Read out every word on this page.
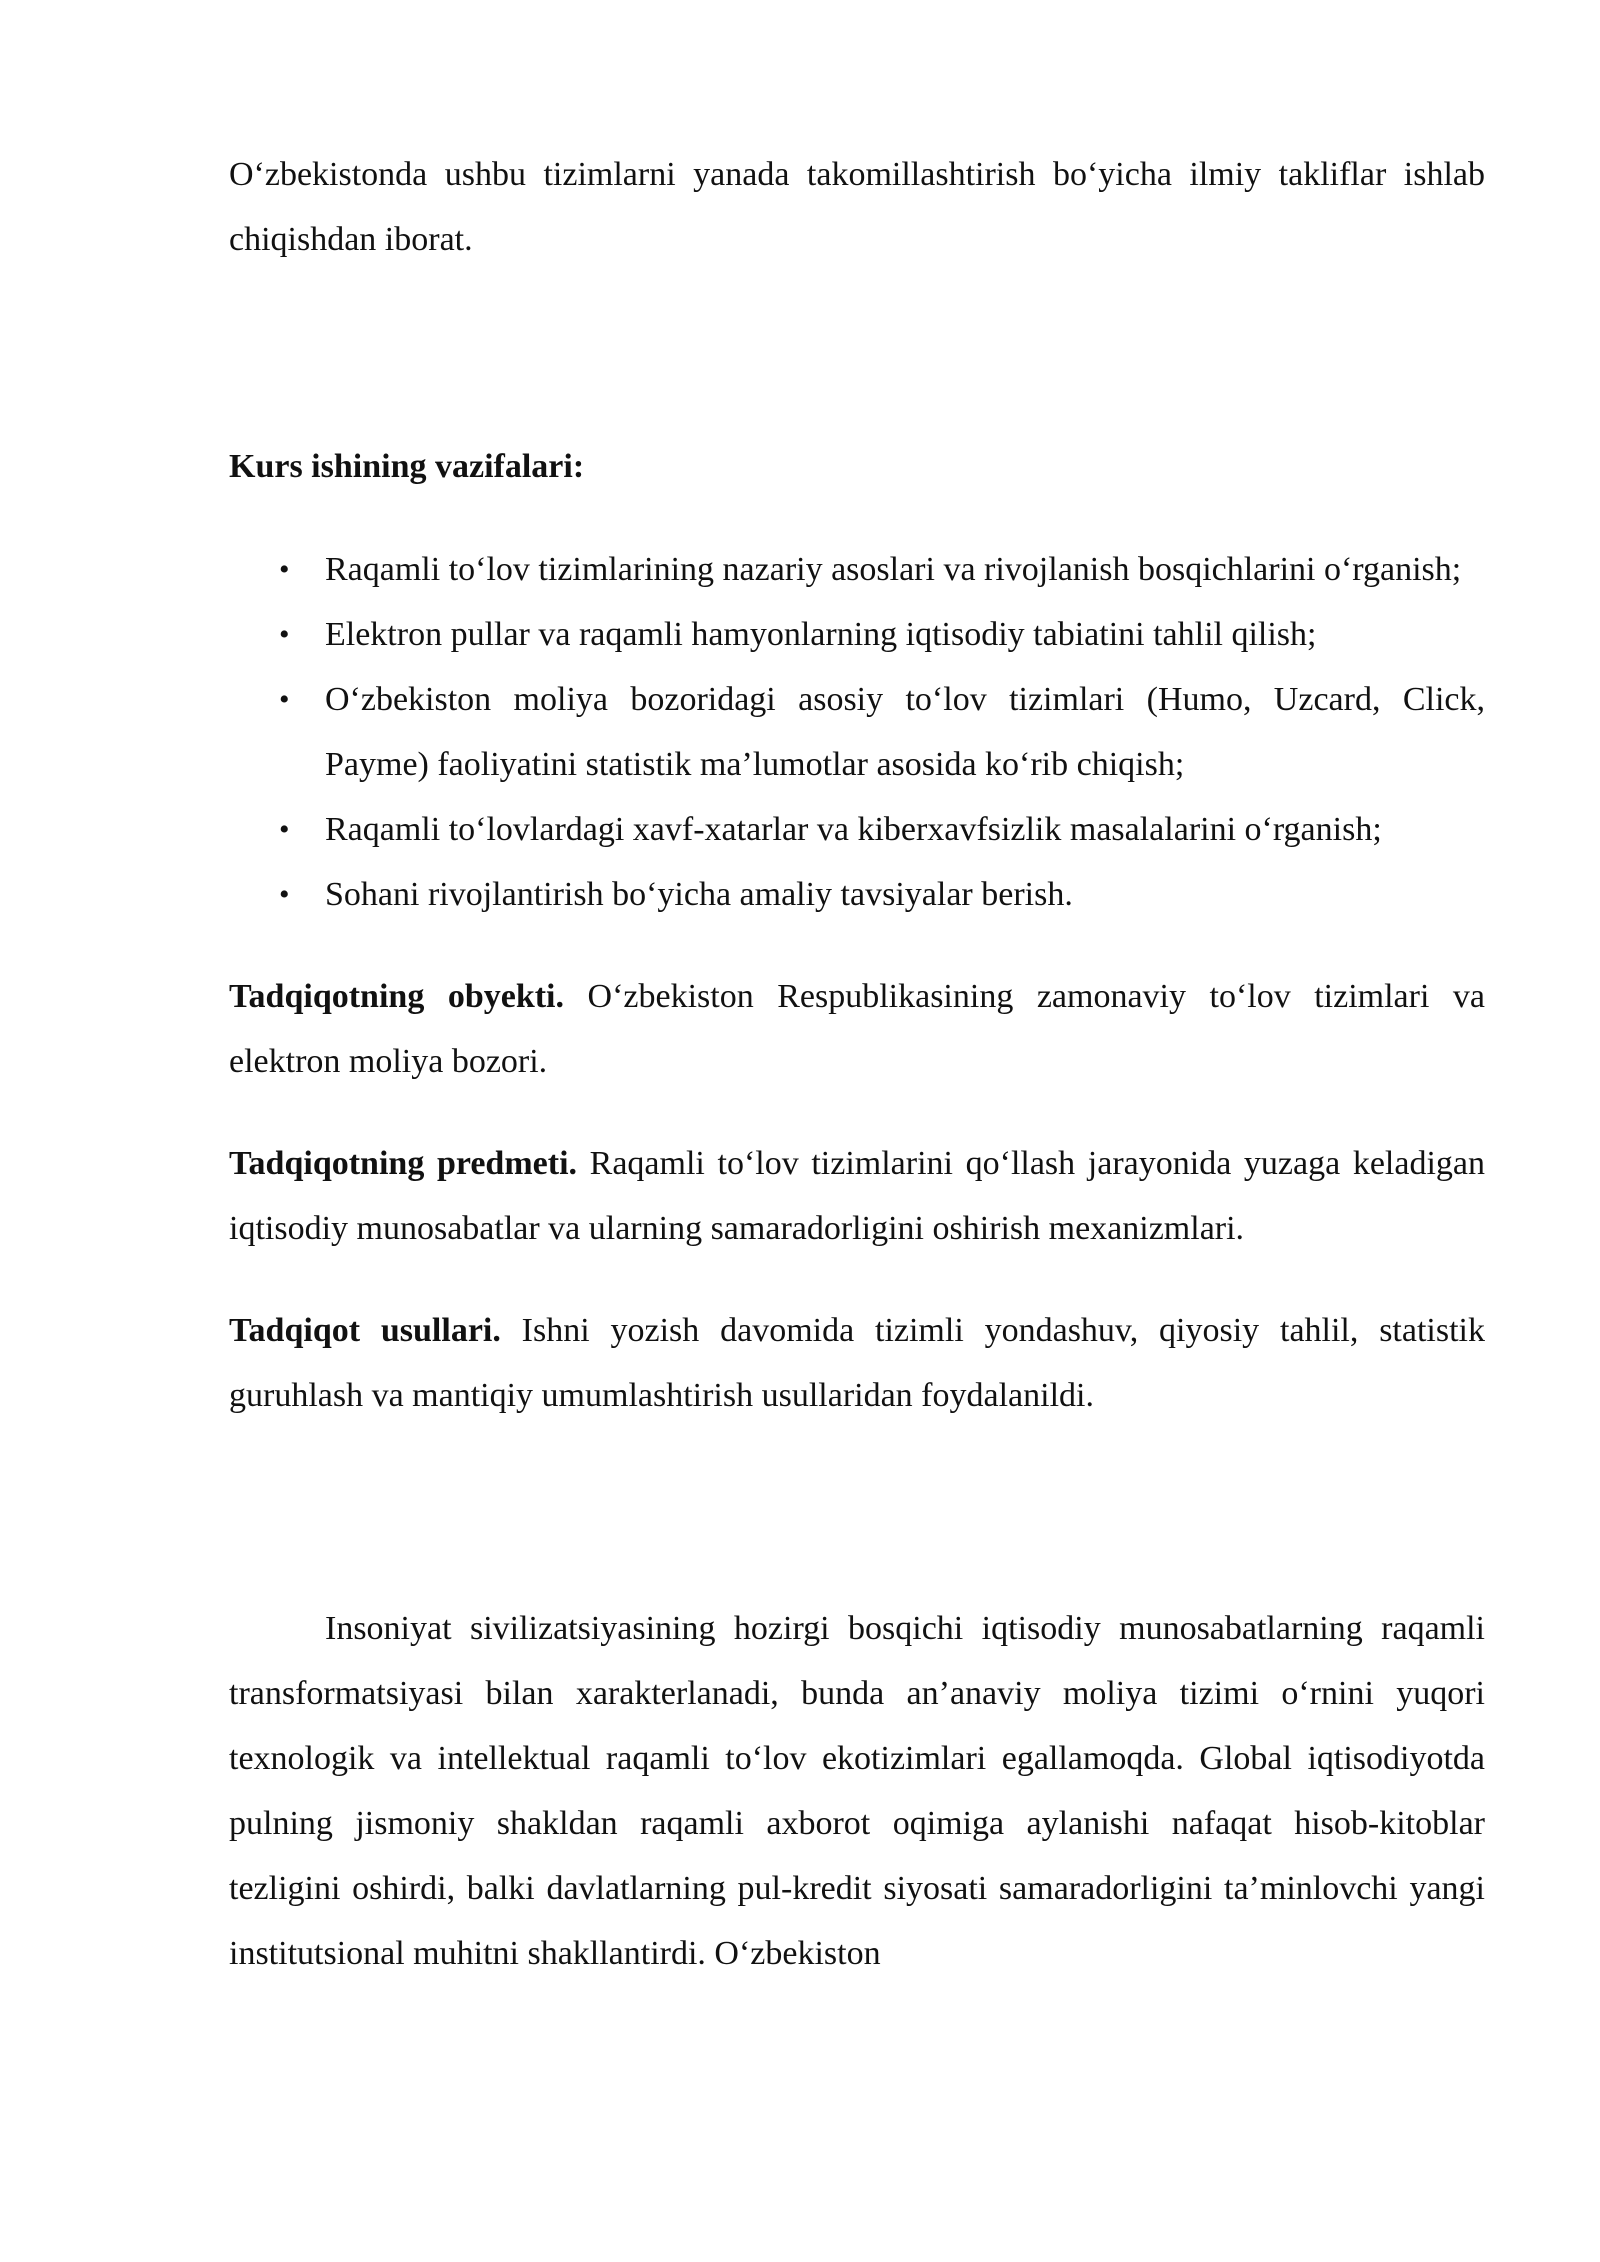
O‘zbekistonda ushbu tizimlarni yanada takomillashtirish bo‘yicha ilmiy takliflar ishlab chiqishdan iborat.

Kurs ishining vazifalari:

• Raqamli to‘lov tizimlarining nazariy asoslari va rivojlanish bosqichlarini o‘rganish;
• Elektron pullar va raqamli hamyonlarning iqtisodiy tabiatini tahlil qilish;
• O‘zbekiston moliya bozoridagi asosiy to‘lov tizimlari (Humo, Uzcard, Click, Payme) faoliyatini statistik ma’lumotlar asosida ko‘rib chiqish;
• Raqamli to‘lovlardagi xavf-xatarlar va kiberxavfsizlik masalalarini o‘rganish;
• Sohani rivojlantirish bo‘yicha amaliy tavsiyalar berish.

Tadqiqotning obyekti. O‘zbekiston Respublikasining zamonaviy to‘lov tizimlari va elektron moliya bozori.

Tadqiqotning predmeti. Raqamli to‘lov tizimlarini qo‘llash jarayonida yuzaga keladigan iqtisodiy munosabatlar va ularning samaradorligini oshirish mexanizmlari.

Tadqiqot usullari. Ishni yozish davomida tizimli yondashuv, qiyosiy tahlil, statistik guruhlash va mantiqiy umumlashtirish usullaridan foydalanildi.

Insoniyat sivilizatsiyasining hozirgi bosqichi iqtisodiy munosabatlarning raqamli transformatsiyasi bilan xarakterlanadi, bunda an’anaviy moliya tizimi o‘rnini yuqori texnologik va intellektual raqamli to‘lov ekotizimlari egallamoqda. Global iqtisodiyotda pulning jismoniy shakldan raqamli axborot oqimiga aylanishi nafaqat hisob-kitoblar tezligini oshirdi, balki davlatlarning pul-kredit siyosati samaradorligini ta’minlovchi yangi institutsional muhitni shakllantirdi. O‘zbekiston
